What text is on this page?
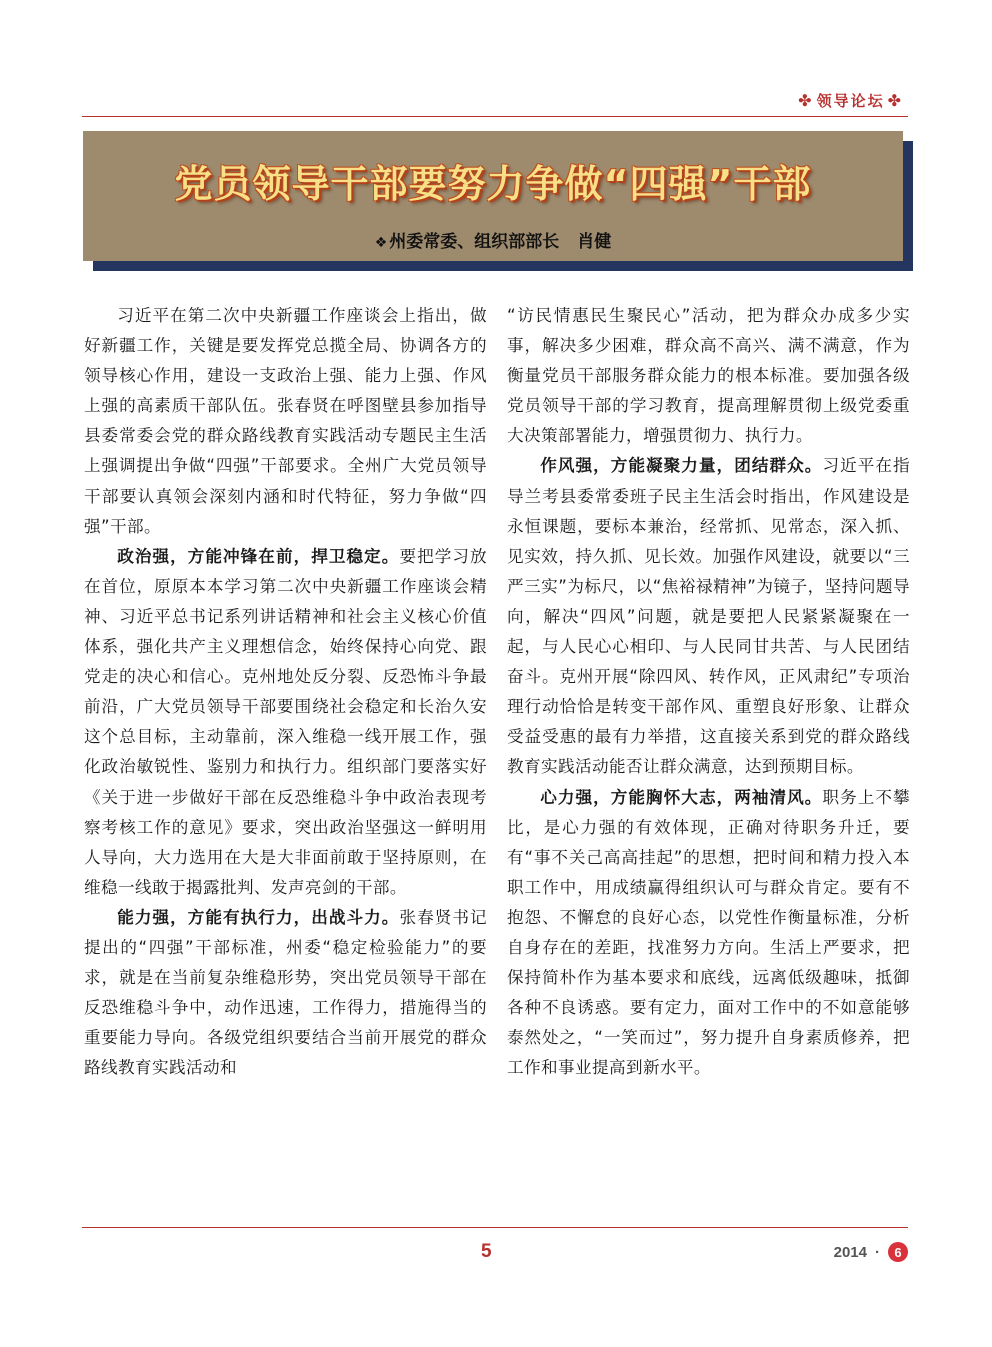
✤ 领导论坛 ✤
党员领导干部要努力争做“四强”干部
❖ 州委常委、组织部部长 肖健

习近平在第二次中央新疆工作座谈会上指出，做好新疆工作，关键是要发挥党总揽全局、协调各方的领导核心作用，建设一支政治上强、能力上强、作风上强的高素质干部队伍。张春贤在呼图壁县参加指导县委常委会党的群众路线教育实践活动专题民主生活上强调提出争做“四强”干部要求。全州广大党员领导干部要认真领会深刻内涵和时代特征，努力争做“四强”干部。

政治强，方能冲锋在前，捍卫稳定。要把学习放在首位，原原本本学习第二次中央新疆工作座谈会精神、习近平总书记系列讲话精神和社会主义核心价值体系，强化共产主义理想信念，始终保持心向党、跟党走的决心和信心。克州地处反分裂、反恐怖斗争最前沿，广大党员领导干部要围绕社会稳定和长治久安这个总目标，主动靠前，深入维稳一线开展工作，强化政治敏锐性、鉴别力和执行力。组织部门要落实好《关于进一步做好干部在反恐维稳斗争中政治表现考察考核工作的意见》要求，突出政治坚强这一鲜明用人导向，大力选用在大是大非面前敢于坚持原则，在维稳一线敢于揭露批判、发声亮剑的干部。

能力强，方能有执行力，出战斗力。张春贤书记提出的“四强”干部标准，州委“稳定检验能力”的要求，就是在当前复杂维稳形势，突出党员领导干部在反恐维稳斗争中，动作迅速，工作得力，措施得当的重要能力导向。各级党组织要结合当前开展党的群众路线教育实践活动和

“访民情惠民生聚民心”活动，把为群众办成多少实事，解决多少困难，群众高不高兴、满不满意，作为衡量党员干部服务群众能力的根本标准。要加强各级党员领导干部的学习教育，提高理解贯彻上级党委重大决策部署能力，增强贯彻力、执行力。

作风强，方能凝聚力量，团结群众。习近平在指导兰考县委常委班子民主生活会时指出，作风建设是永恒课题，要标本兼治，经常抓、见常态，深入抓、见实效，持久抓、见长效。加强作风建设，就要以“三严三实”为标尺，以“焦裕禄精神”为镜子，坚持问题导向，解决“四风”问题，就是要把人民紧紧凝聚在一起，与人民心心相印、与人民同甘共苦、与人民团结奋斗。克州开展“除四风、转作风，正风肃纪”专项治理行动恰恰是转变干部作风、重塑良好形象、让群众受益受惠的最有力举措，这直接关系到党的群众路线教育实践活动能否让群众满意，达到预期目标。

心力强，方能胸怀大志，两袖清风。职务上不攀比，是心力强的有效体现，正确对待职务升迁，要有“事不关己高高挂起”的思想，把时间和精力投入本职工作中，用成绩赢得组织认可与群众肯定。要有不抱怨、不懈怠的良好心态，以党性作衡量标准，分析自身存在的差距，找准努力方向。生活上严要求，把保持简朴作为基本要求和底线，远离低级趣味，抵御各种不良诱惑。要有定力，面对工作中的不如意能够泰然处之，“一笑而过”，努力提升自身素质修养，把工作和事业提高到新水平。

5	2014 ·	6
